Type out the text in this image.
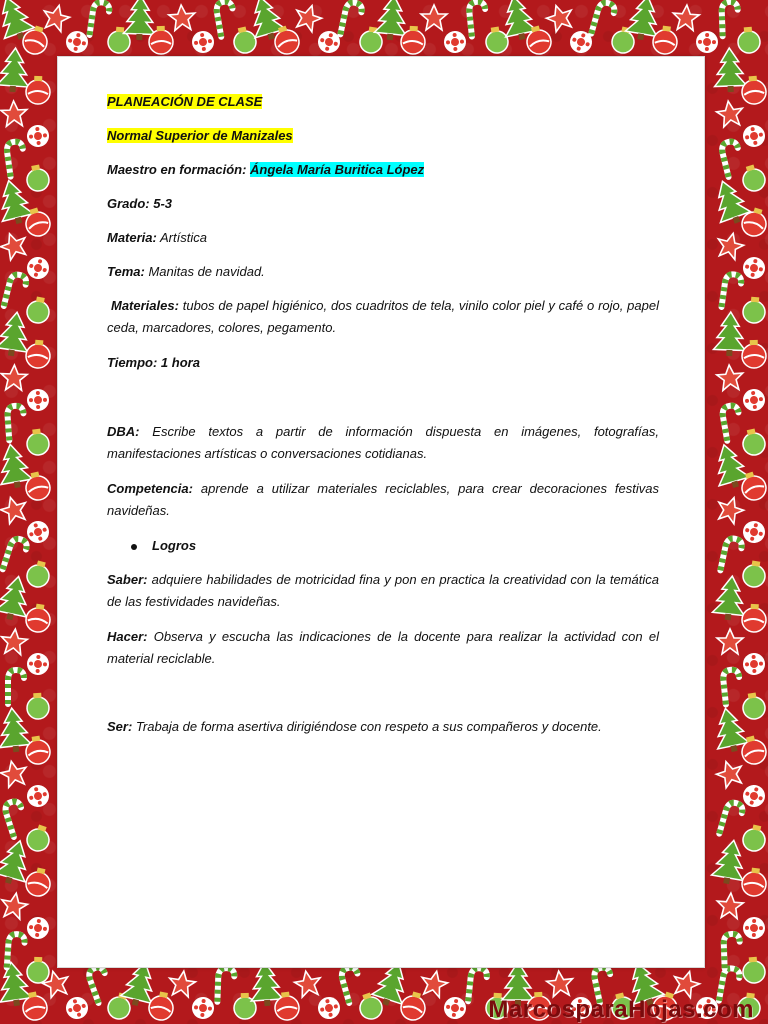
PLANEACIÓN DE CLASE
Normal Superior de Manizales
Maestro en formación: Ángela María Buritica López
Grado: 5-3
Materia: Artística
Tema: Manitas de navidad.
Materiales: tubos de papel higiénico, dos cuadritos de tela, vinilo color piel y café o rojo, papel ceda, marcadores, colores, pegamento.
Tiempo: 1 hora
DBA: Escribe textos a partir de información dispuesta en imágenes, fotografías, manifestaciones artísticas o conversaciones cotidianas.
Competencia: aprende a utilizar materiales reciclables, para crear decoraciones festivas navideñas.
Logros
Saber: adquiere habilidades de motricidad fina y pon en practica la creatividad con la temática de las festividades navideñas.
Hacer: Observa y escucha las indicaciones de la docente para realizar la actividad con el material reciclable.
Ser: Trabaja de forma asertiva dirigiéndose con respeto a sus compañeros y docente.
MarcosparaHojas.com
